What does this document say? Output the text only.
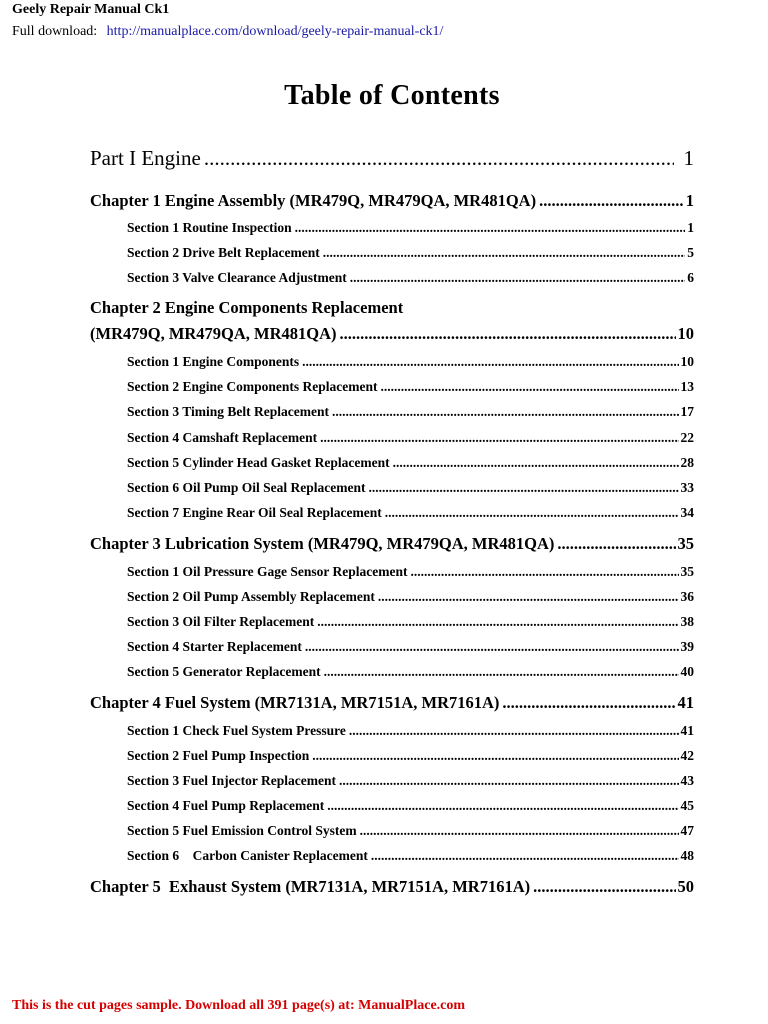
Geely Repair Manual Ck1
Full download: http://manualplace.com/download/geely-repair-manual-ck1/
Table of Contents
Part I Engine .....	1
Chapter 1 Engine Assembly (MR479Q, MR479QA, MR481QA) .....	1
Section 1 Routine Inspection .....	1
Section 2 Drive Belt Replacement .....	5
Section 3 Valve Clearance Adjustment .....	6
Chapter 2 Engine Components Replacement
(MR479Q, MR479QA, MR481QA) .....	10
Section 1 Engine Components .....	10
Section 2 Engine Components Replacement .....	13
Section 3 Timing Belt Replacement .....	17
Section 4 Camshaft Replacement .....	22
Section 5 Cylinder Head Gasket Replacement .....	28
Section 6 Oil Pump Oil Seal Replacement .....	33
Section 7 Engine Rear Oil Seal Replacement .....	34
Chapter 3 Lubrication System (MR479Q, MR479QA, MR481QA) .....	35
Section 1 Oil Pressure Gage Sensor Replacement .....	35
Section 2 Oil Pump Assembly Replacement .....	36
Section 3 Oil Filter Replacement .....	38
Section 4 Starter Replacement .....	39
Section 5 Generator Replacement .....	40
Chapter 4 Fuel System (MR7131A, MR7151A, MR7161A) .....	41
Section 1 Check Fuel System Pressure .....	41
Section 2 Fuel Pump Inspection .....	42
Section 3 Fuel Injector Replacement .....	43
Section 4 Fuel Pump Replacement .....	45
Section 5 Fuel Emission Control System .....	47
Section 6    Carbon Canister Replacement .....	48
Chapter 5  Exhaust System (MR7131A, MR7151A, MR7161A) .....	50
This is the cut pages sample. Download all 391 page(s) at: ManualPlace.com
